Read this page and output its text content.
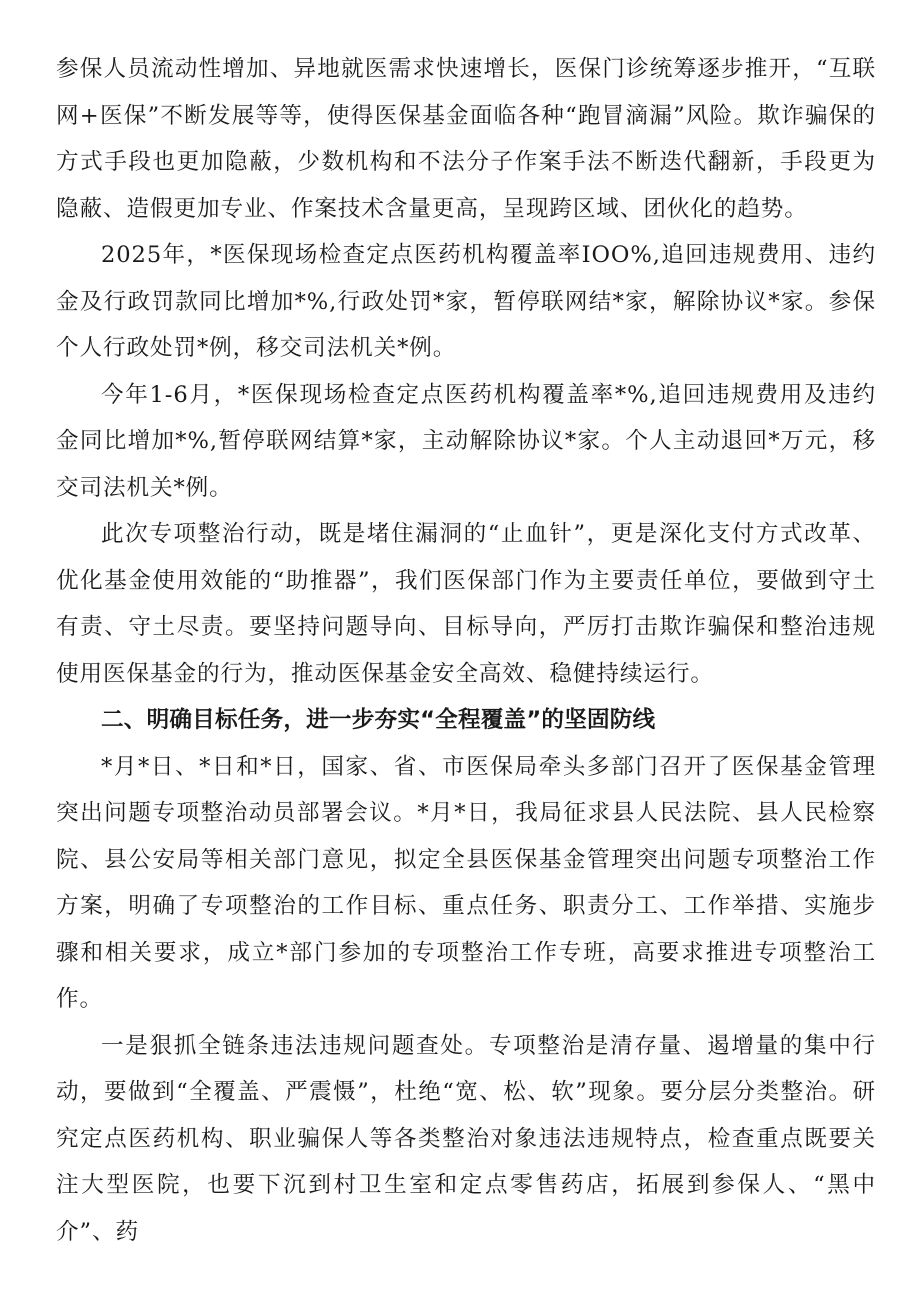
参保人员流动性增加、异地就医需求快速增长，医保门诊统筹逐步推开，“互联网+医保”不断发展等等，使得医保基金面临各种“跑冒滴漏”风险。欺诈骗保的方式手段也更加隐蔽，少数机构和不法分子作案手法不断迭代翻新，手段更为隐蔽、造假更加专业、作案技术含量更高，呈现跨区域、团伙化的趋势。

2025年，*医保现场检查定点医药机构覆盖率IOO%,追回违规费用、违约金及行政罚款同比增加*%,行政处罚*家，暂停联网结*家，解除协议*家。参保个人行政处罚*例，移交司法机关*例。

今年1-6月，*医保现场检查定点医药机构覆盖率*%,追回违规费用及违约金同比增加*%,暂停联网结算*家，主动解除协议*家。个人主动退回*万元，移交司法机关*例。

此次专项整治行动，既是堵住漏洞的“止血针”，更是深化支付方式改革、优化基金使用效能的“助推器”，我们医保部门作为主要责任单位，要做到守土有责、守土尽责。要坚持问题导向、目标导向，严厉打击欺诈骗保和整治违规使用医保基金的行为，推动医保基金安全高效、稳健持续运行。

二、明确目标任务，进一步夯实“全程覆盖”的坚固防线

*月*日、*日和*日，国家、省、市医保局牵头多部门召开了医保基金管理突出问题专项整治动员部署会议。*月*日，我局征求县人民法院、县人民检察院、县公安局等相关部门意见，拟定全县医保基金管理突出问题专项整治工作方案，明确了专项整治的工作目标、重点任务、职责分工、工作举措、实施步骤和相关要求，成立*部门参加的专项整治工作专班，高要求推进专项整治工作。

一是狠抓全链条违法违规问题查处。专项整治是清存量、遏增量的集中行动，要做到“全覆盖、严震慑”，杜绝“宽、松、软”现象。要分层分类整治。研究定点医药机构、职业骗保人等各类整治对象违法违规特点，检查重点既要关注大型医院，也要下沉到村卫生室和定点零售药店，拓展到参保人、“黑中介”、药
